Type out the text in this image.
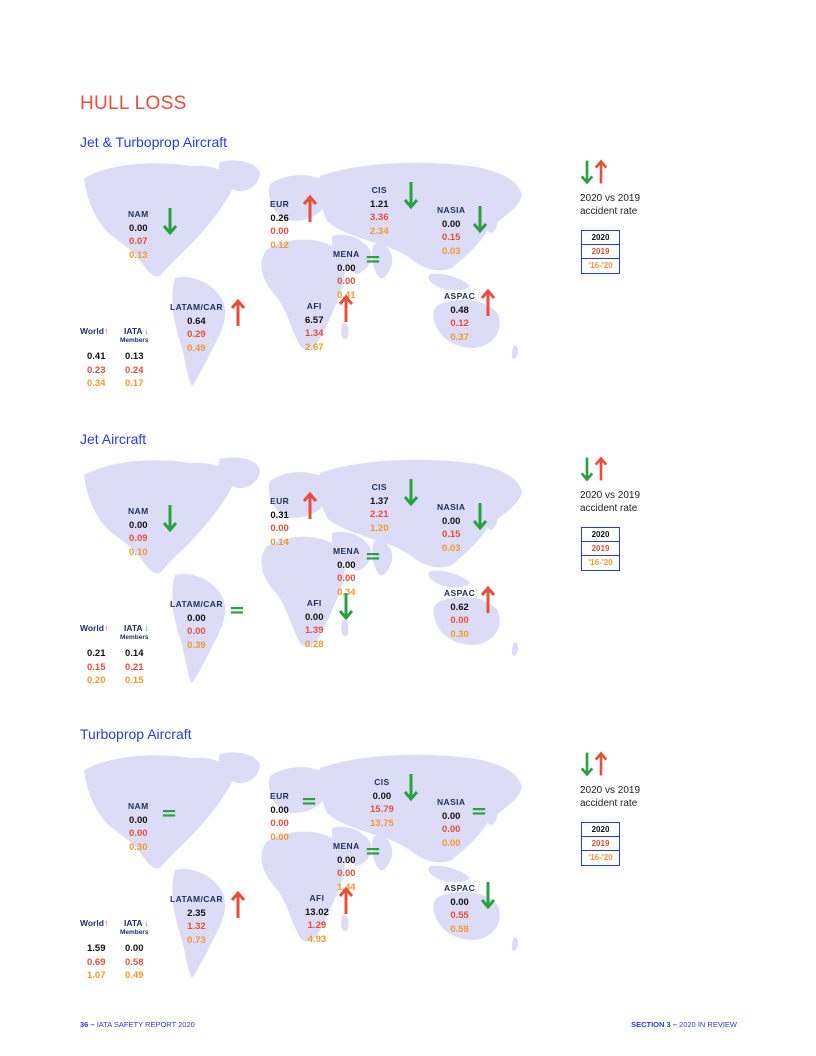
HULL LOSS
Jet & Turboprop Aircraft
NAM
0.00
0.07
0.13
EUR
0.26
0.00
0.12
CIS
1.21
3.36
2.34
NASIA
0.00
0.15
0.03
MENA
0.00
0.00
0.41
LATAM/CAR
0.64
0.29
0.49
AFI
6.57
1.34
2.67
ASPAC
0.48
0.12
0.37
World↑ IATA ↓
Members
0.41
0.23
0.34
0.13
0.24
0.17
2020 vs 2019 accident rate
2020
2019
'16-'20
Jet Aircraft
NAM
0.00
0.09
0.10
EUR
0.31
0.00
0.14
CIS
1.37
2.21
1.20
NASIA
0.00
0.15
0.03
MENA
0.00
0.00
0.34
LATAM/CAR
0.00
0.00
0.39
AFI
0.00
1.39
0.28
ASPAC
0.62
0.00
0.30
World↑ IATA ↓
Members
0.21
0.15
0.20
0.14
0.21
0.15
2020 vs 2019 accident rate
2020
2019
'16-'20
Turboprop Aircraft
NAM
0.00
0.00
0.30
EUR
0.00
0.00
0.00
CIS
0.00
15.79
13.75
NASIA
0.00
0.00
0.00
MENA
0.00
0.00
1.44
LATAM/CAR
2.35
1.32
0.73
AFI
13.02
1.29
4.93
ASPAC
0.00
0.55
0.58
World↑ IATA ↓
Members
1.59
0.69
1.07
0.00
0.58
0.49
2020 vs 2019 accident rate
2020
2019
'16-'20
36 – IATA SAFETY REPORT 2020	SECTION 3 – 2020 IN REVIEW
